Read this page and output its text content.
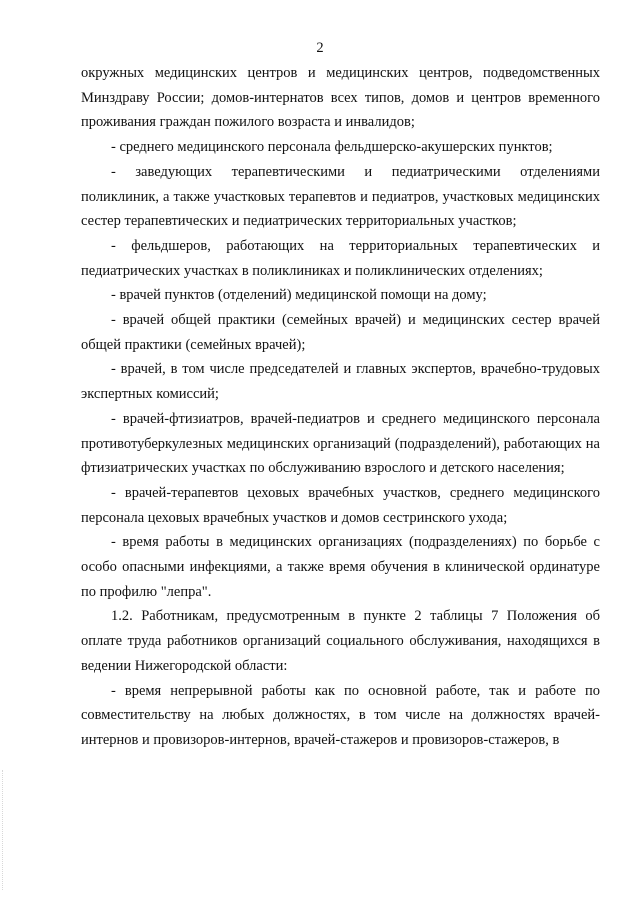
2

окружных медицинских центров и медицинских центров, подведомственных Минздраву России; домов-интернатов всех типов, домов и центров временного проживания граждан пожилого возраста и инвалидов;

- среднего медицинского персонала фельдшерско-акушерских пунктов;

- заведующих терапевтическими и педиатрическими отделениями поликлиник, а также участковых терапевтов и педиатров, участковых медицинских сестер терапевтических и педиатрических территориальных участков;

- фельдшеров, работающих на территориальных терапевтических и педиатрических участках в поликлиниках и поликлинических отделениях;

- врачей пунктов (отделений) медицинской помощи на дому;

- врачей общей практики (семейных врачей) и медицинских сестер врачей общей практики (семейных врачей);

- врачей, в том числе председателей и главных экспертов, врачебно-трудовых экспертных комиссий;

- врачей-фтизиатров, врачей-педиатров и среднего медицинского персонала противотуберкулезных медицинских организаций (подразделений), работающих на фтизиатрических участках по обслуживанию взрослого и детского населения;

- врачей-терапевтов цеховых врачебных участков, среднего медицинского персонала цеховых врачебных участков и домов сестринского ухода;

- время работы в медицинских организациях (подразделениях) по борьбе с особо опасными инфекциями, а также время обучения в клинической ординатуре по профилю "лепра".

1.2. Работникам, предусмотренным в пункте 2 таблицы 7 Положения об оплате труда работников организаций социального обслуживания, находящихся в ведении Нижегородской области:

- время непрерывной работы как по основной работе, так и работе по совместительству на любых должностях, в том числе на должностях врачей-интернов и провизоров-интернов, врачей-стажеров и провизоров-стажеров, в
